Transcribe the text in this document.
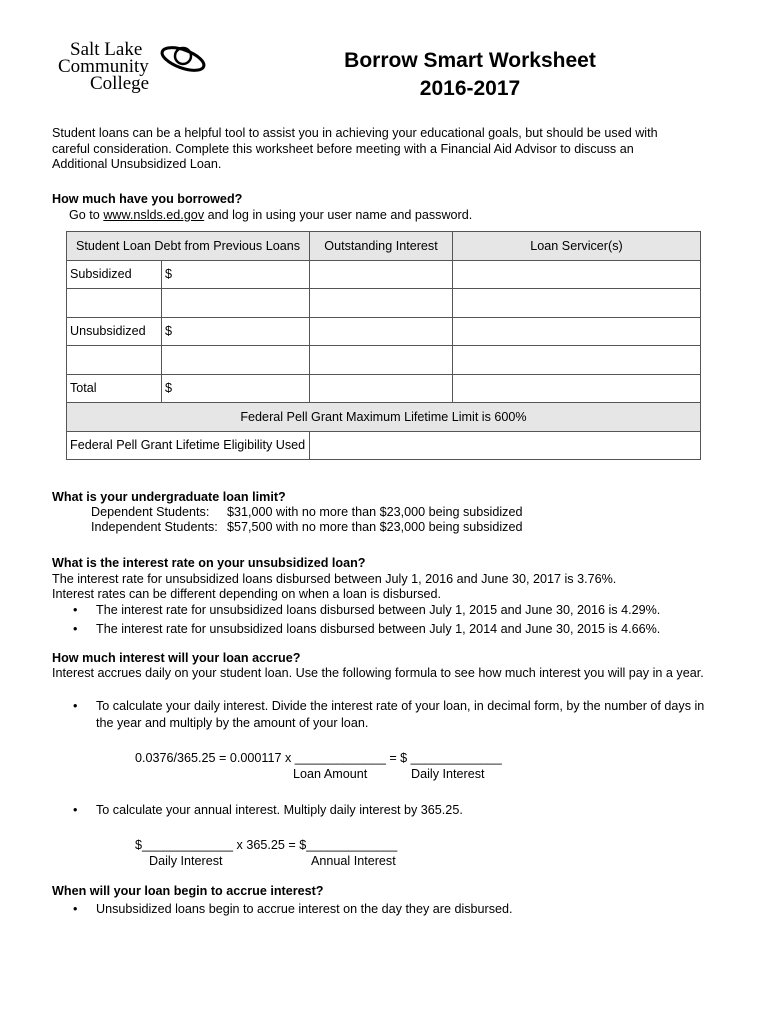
Salt Lake
Community
College
Borrow Smart Worksheet
2016-2017
Student loans can be a helpful tool to assist you in achieving your educational goals, but should be used with
careful consideration. Complete this worksheet before meeting with a Financial Aid Advisor to discuss an
Additional Unsubsidized Loan.
How much have you borrowed?
Go to www.nslds.ed.gov and log in using your user name and password.
Student Loan Debt from Previous Loans		Outstanding Interest	Loan Servicer(s)
Subsidized	$		

Unsubsidized	$		

Total	$		
Federal Pell Grant Maximum Lifetime Limit is 600%			
Federal Pell Grant Lifetime Eligibility Used			
What is your undergraduate loan limit?
Dependent Students: $31,000 with no more than $23,000 being subsidized
Independent Students: $57,500 with no more than $23,000 being subsidized
What is the interest rate on your unsubsidized loan?
The interest rate for unsubsidized loans disbursed between July 1, 2016 and June 30, 2017 is 3.76%.
Interest rates can be different depending on when a loan is disbursed.
• The interest rate for unsubsidized loans disbursed between July 1, 2015 and June 30, 2016 is 4.29%.
• The interest rate for unsubsidized loans disbursed between July 1, 2014 and June 30, 2015 is 4.66%.
How much interest will your loan accrue?
Interest accrues daily on your student loan. Use the following formula to see how much interest you will pay in a year.
• To calculate your daily interest. Divide the interest rate of your loan, in decimal form, by the number of days in
the year and multiply by the amount of your loan.
0.0376/365.25 = 0.000117 x _____________ = $ _____________
Loan Amount	Daily Interest
• To calculate your annual interest. Multiply daily interest by 365.25.
$_____________ x 365.25 = $_____________
Daily Interest	Annual Interest
When will your loan begin to accrue interest?
• Unsubsidized loans begin to accrue interest on the day they are disbursed.
